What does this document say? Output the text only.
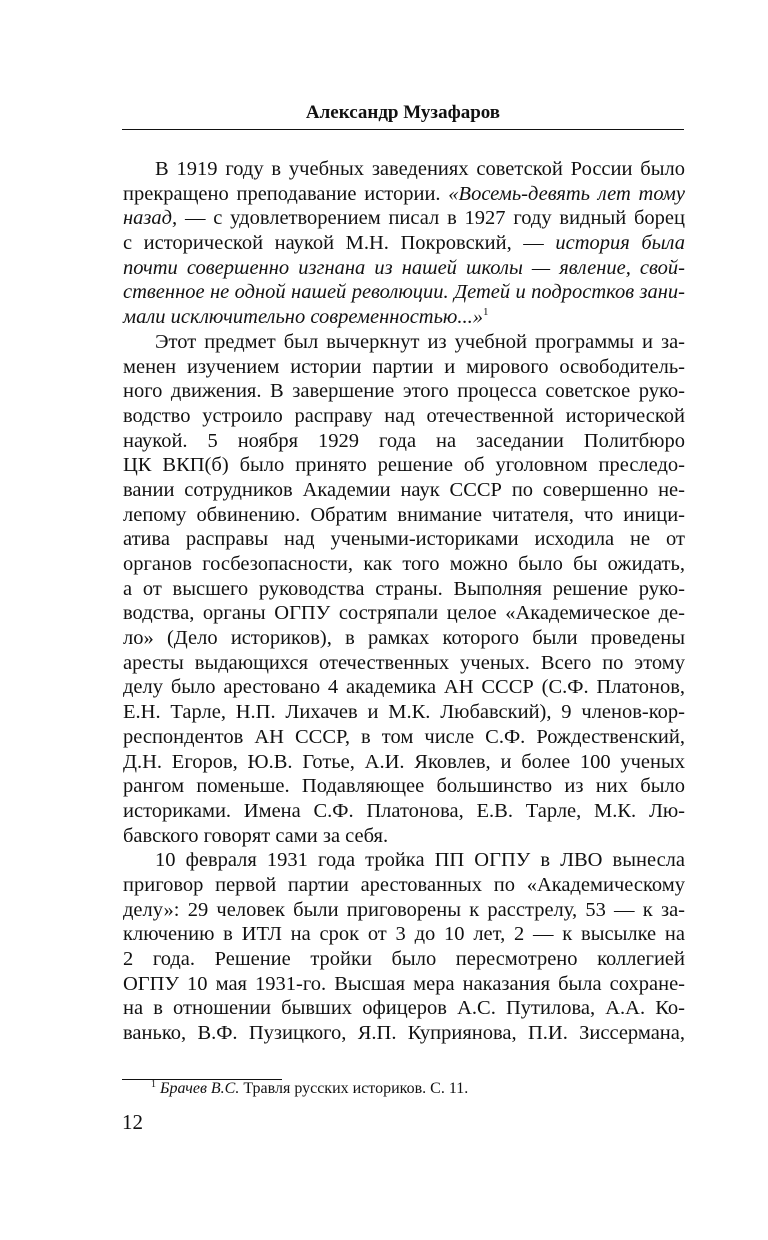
Александр Музафаров
В 1919 году в учебных заведениях советской России было
прекращено преподавание истории. «Восемь-девять лет тому
назад, — с удовлетворением писал в 1927 году видный борец
с исторической наукой М.Н. Покровский, — история была
почти совершенно изгнана из нашей школы — явление, свой-
ственное не одной нашей революции. Детей и подростков зани-
мали исключительно современностью...»$^1$
Этот предмет был вычеркнут из учебной программы и за-
менен изучением истории партии и мирового освободитель-
ного движения. В завершение этого процесса советское руко-
водство устроило расправу над отечественной исторической
наукой. 5 ноября 1929 года на заседании Политбюро
ЦК ВКП(б) было принято решение об уголовном преследо-
вании сотрудников Академии наук СССР по совершенно не-
лепому обвинению. Обратим внимание читателя, что иници-
атива расправы над учеными-историками исходила не от
органов госбезопасности, как того можно было бы ожидать,
а от высшего руководства страны. Выполняя решение руко-
водства, органы ОГПУ состряпали целое «Академическое де-
ло» (Дело историков), в рамках которого были проведены
аресты выдающихся отечественных ученых. Всего по этому
делу было арестовано 4 академика АН СССР (С.Ф. Платонов,
Е.Н. Тарле, Н.П. Лихачев и М.К. Любавский), 9 членов-кор-
респондентов АН СССР, в том числе С.Ф. Рождественский,
Д.Н. Егоров, Ю.В. Готье, А.И. Яковлев, и более 100 ученых
рангом поменьше. Подавляющее большинство из них было
историками. Имена С.Ф. Платонова, Е.В. Тарле, М.К. Лю-
бавского говорят сами за себя.
10 февраля 1931 года тройка ПП ОГПУ в ЛВО вынесла
приговор первой партии арестованных по «Академическому
делу»: 29 человек были приговорены к расстрелу, 53 — к за-
ключению в ИТЛ на срок от 3 до 10 лет, 2 — к высылке на
2 года. Решение тройки было пересмотрено коллегией
ОГПУ 10 мая 1931-го. Высшая мера наказания была сохране-
на в отношении бывших офицеров А.С. Путилова, А.А. Ко-
ванько, В.Ф. Пузицкого, Я.П. Куприянова, П.И. Зиссермана,
$^1$ Брачев В.С. Травля русских историков. С. 11.
12
